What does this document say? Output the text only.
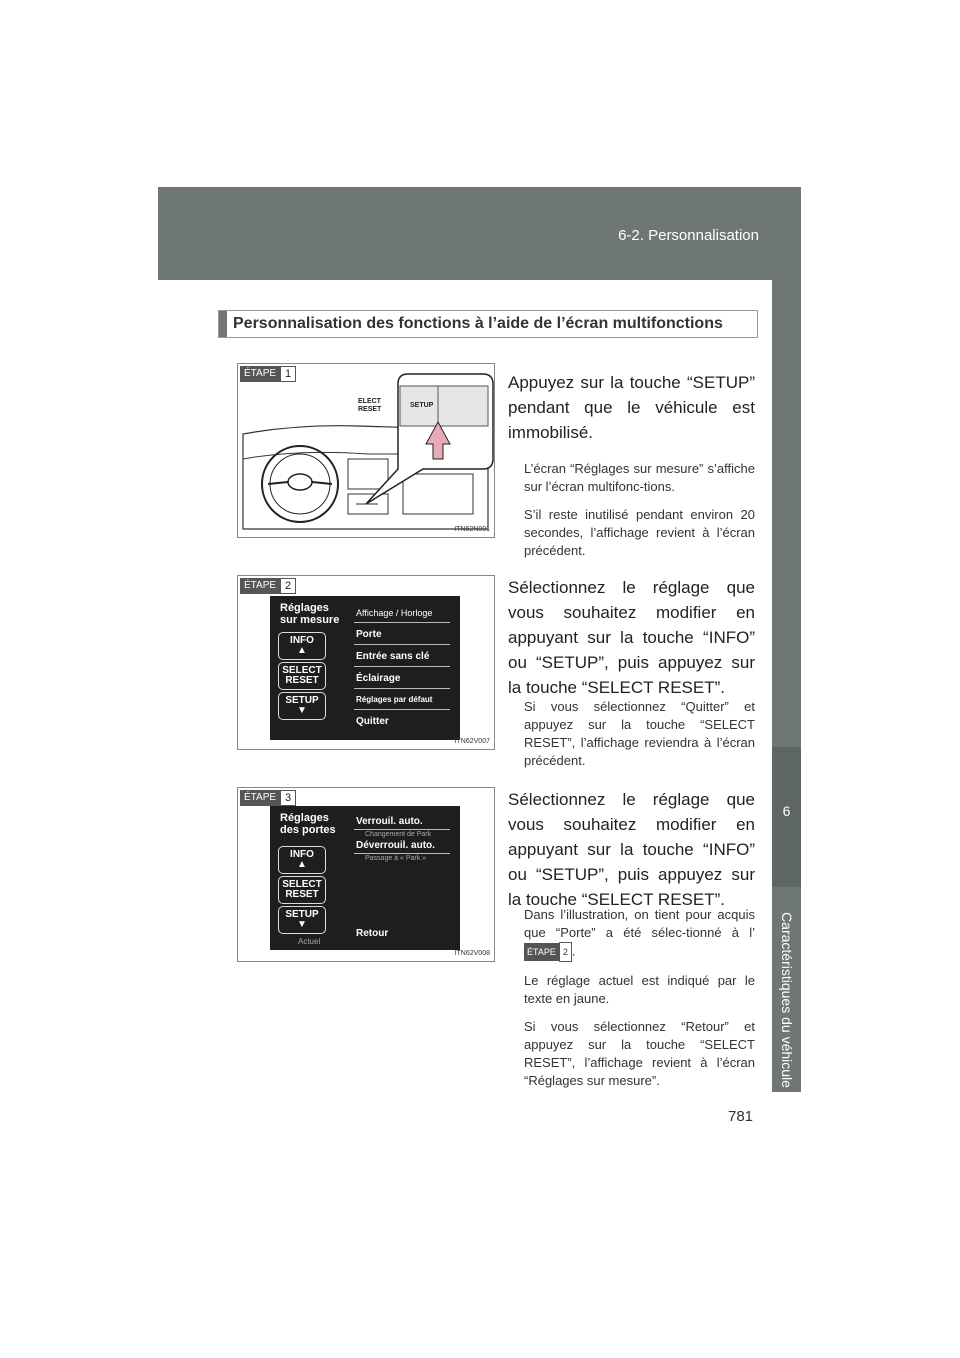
6-2. Personnalisation
6
Caractéristiques du véhicule
Personnalisation des fonctions à l’aide de l’écran multifonctions
ÉTAPE 1
ELECT
RESET
SETUP
ITN62N001
Appuyez sur la touche “SETUP” pendant que le véhicule est immobilisé.
L’écran “Réglages sur mesure” s’affiche sur l’écran multifonc-tions.
S’il reste inutilisé pendant environ 20 secondes, l’affichage revient à l’écran précédent.
ÉTAPE 2
Réglages
sur mesure
INFO
▲
SELECT
RESET
SETUP
▼
Affichage / Horloge
Porte
Entrée sans clé
Éclairage
Réglages par défaut
Quitter
ITN62V007
Sélectionnez le réglage que vous souhaitez modifier en appuyant sur la touche “INFO” ou “SETUP”, puis appuyez sur la touche “SELECT RESET”.
Si vous sélectionnez “Quitter” et appuyez sur la touche “SELECT RESET”, l’affichage reviendra à l’écran précédent.
ÉTAPE 3
Réglages
des portes
INFO
▲
SELECT
RESET
SETUP
▼
Verrouil. auto.
Changement de Park
Déverrouil. auto.
Passage à « Park »
Retour
Actuel
ITN62V008
Sélectionnez le réglage que vous souhaitez modifier en appuyant sur la touche “INFO” ou “SETUP”, puis appuyez sur la touche “SELECT RESET”.
Dans l’illustration, on tient pour acquis que “Porte” a été sélec-tionné à l’
ÉTAPE 2 .
Le réglage actuel est indiqué par le texte en jaune.
Si vous sélectionnez “Retour” et appuyez sur la touche “SELECT RESET”, l’affichage revient à l’écran “Réglages sur mesure”.
781
